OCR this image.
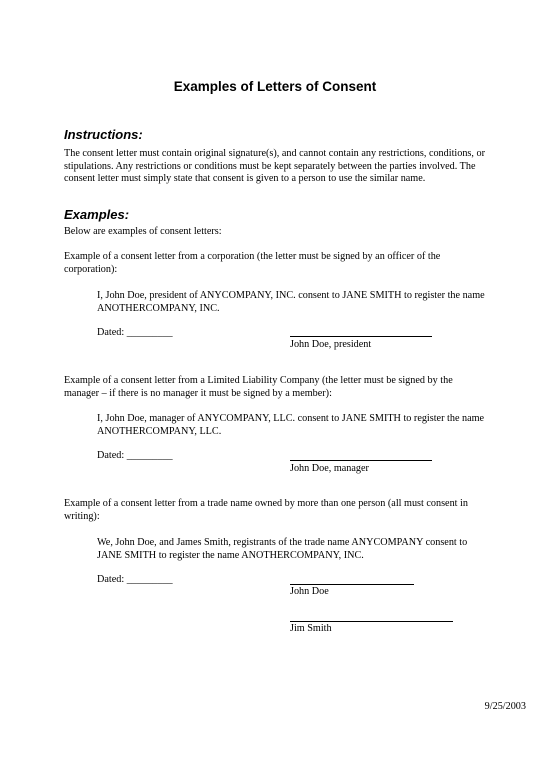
Examples of Letters of Consent
Instructions:
The consent letter must contain original signature(s), and cannot contain any restrictions, conditions, or stipulations. Any restrictions or conditions must be kept separately between the parties involved. The consent letter must simply state that consent is given to a person to use the similar name.
Examples:
Below are examples of consent letters:
Example of a consent letter from a corporation (the letter must be signed by an officer of the corporation):
I, John Doe, president of ANYCOMPANY, INC. consent to JANE SMITH to register the name ANOTHERCOMPANY, INC.
Dated: _________
John Doe, president
Example of a consent letter from a Limited Liability Company (the letter must be signed by the manager – if there is no manager it must be signed by a member):
I, John Doe, manager of ANYCOMPANY, LLC. consent to JANE SMITH to register the name ANOTHERCOMPANY, LLC.
Dated: _________
John Doe, manager
Example of a consent letter from a trade name owned by more than one person (all must consent in writing):
We, John Doe, and James Smith, registrants of the trade name ANYCOMPANY consent to JANE SMITH to register the name ANOTHERCOMPANY, INC.
Dated: _________
John Doe
Jim Smith
9/25/2003
